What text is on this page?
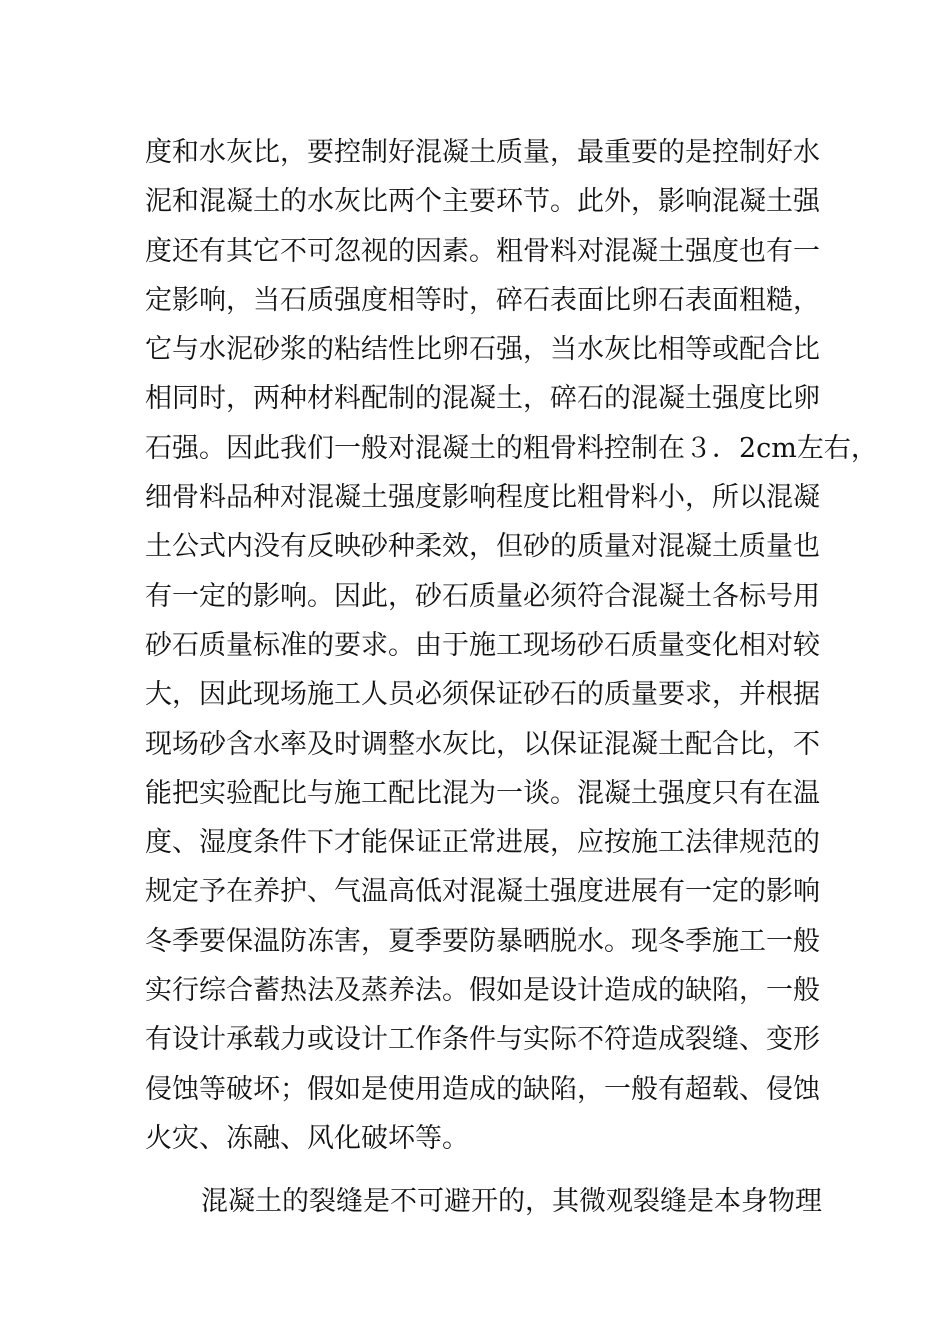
度和水灰比，要控制好混凝土质量，最重要的是控制好水
泥和混凝土的水灰比两个主要环节。此外，影响混凝土强
度还有其它不可忽视的因素。粗骨料对混凝土强度也有一
定影响，当石质强度相等时，碎石表面比卵石表面粗糙，
它与水泥砂浆的粘结性比卵石强，当水灰比相等或配合比
相同时，两种材料配制的混凝土，碎石的混凝土强度比卵
石强。因此我们一般对混凝土的粗骨料控制在３．2cm左右，
细骨料品种对混凝土强度影响程度比粗骨料小，所以混凝
土公式内没有反映砂种柔效，但砂的质量对混凝土质量也
有一定的影响。因此，砂石质量必须符合混凝土各标号用
砂石质量标准的要求。由于施工现场砂石质量变化相对较
大，因此现场施工人员必须保证砂石的质量要求，并根据
现场砂含水率及时调整水灰比，以保证混凝土配合比，不
能把实验配比与施工配比混为一谈。混凝土强度只有在温
度、湿度条件下才能保证正常进展，应按施工法律规范的
规定予在养护、气温高低对混凝土强度进展有一定的影响
冬季要保温防冻害，夏季要防暴晒脱水。现冬季施工一般
实行综合蓄热法及蒸养法。假如是设计造成的缺陷，一般
有设计承载力或设计工作条件与实际不符造成裂缝、变形
侵蚀等破坏；假如是使用造成的缺陷，一般有超载、侵蚀
火灾、冻融、风化破坏等。
混凝土的裂缝是不可避开的，其微观裂缝是本身物理
